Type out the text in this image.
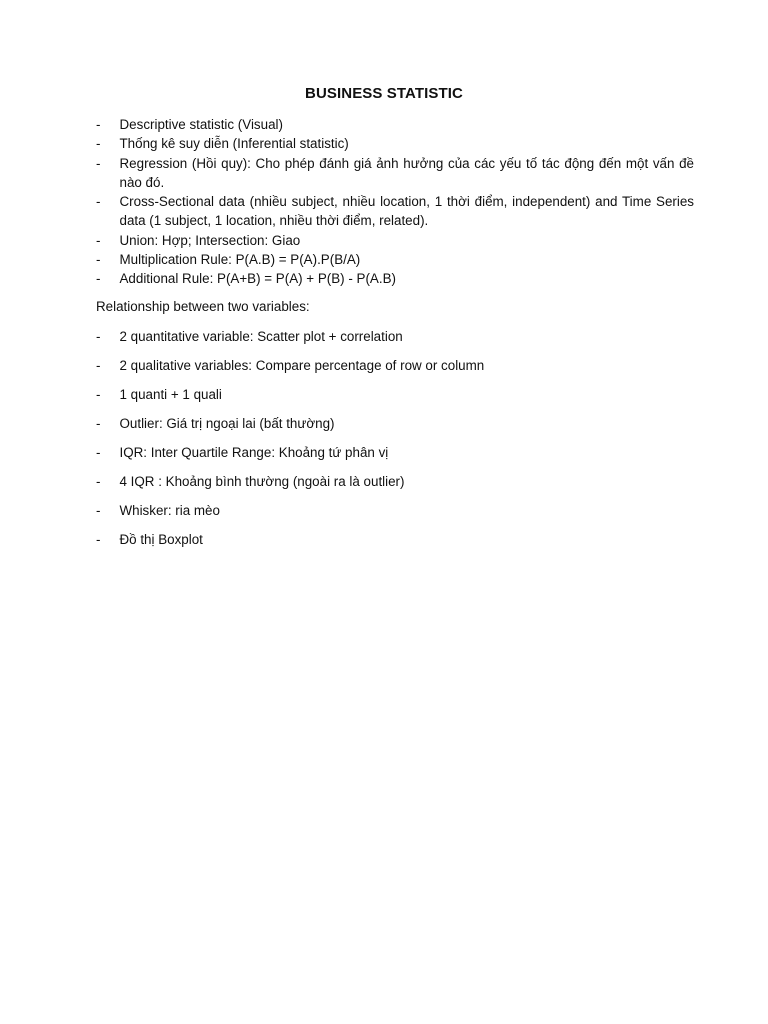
BUSINESS STATISTIC
- Descriptive statistic (Visual)
- Thống kê suy diễn (Inferential statistic)
- Regression (Hồi quy): Cho phép đánh giá ảnh hưởng của các yếu tố tác động đến một vấn đề nào đó.
- Cross-Sectional data (nhiều subject, nhiều location, 1 thời điểm, independent) and Time Series data (1 subject, 1 location, nhiều thời điểm, related).
- Union: Hợp; Intersection: Giao
- Multiplication Rule: P(A.B) = P(A).P(B/A)
- Additional Rule: P(A+B) = P(A) + P(B) - P(A.B)
Relationship between two variables:
- 2 quantitative variable: Scatter plot + correlation
- 2 qualitative variables: Compare percentage of row or column
- 1 quanti + 1 quali
- Outlier: Giá trị ngoại lai (bất thường)
- IQR: Inter Quartile Range: Khoảng tứ phân vị
- 4 IQR : Khoảng bình thường (ngoài ra là outlier)
- Whisker: ria mèo
- Đồ thị Boxplot
